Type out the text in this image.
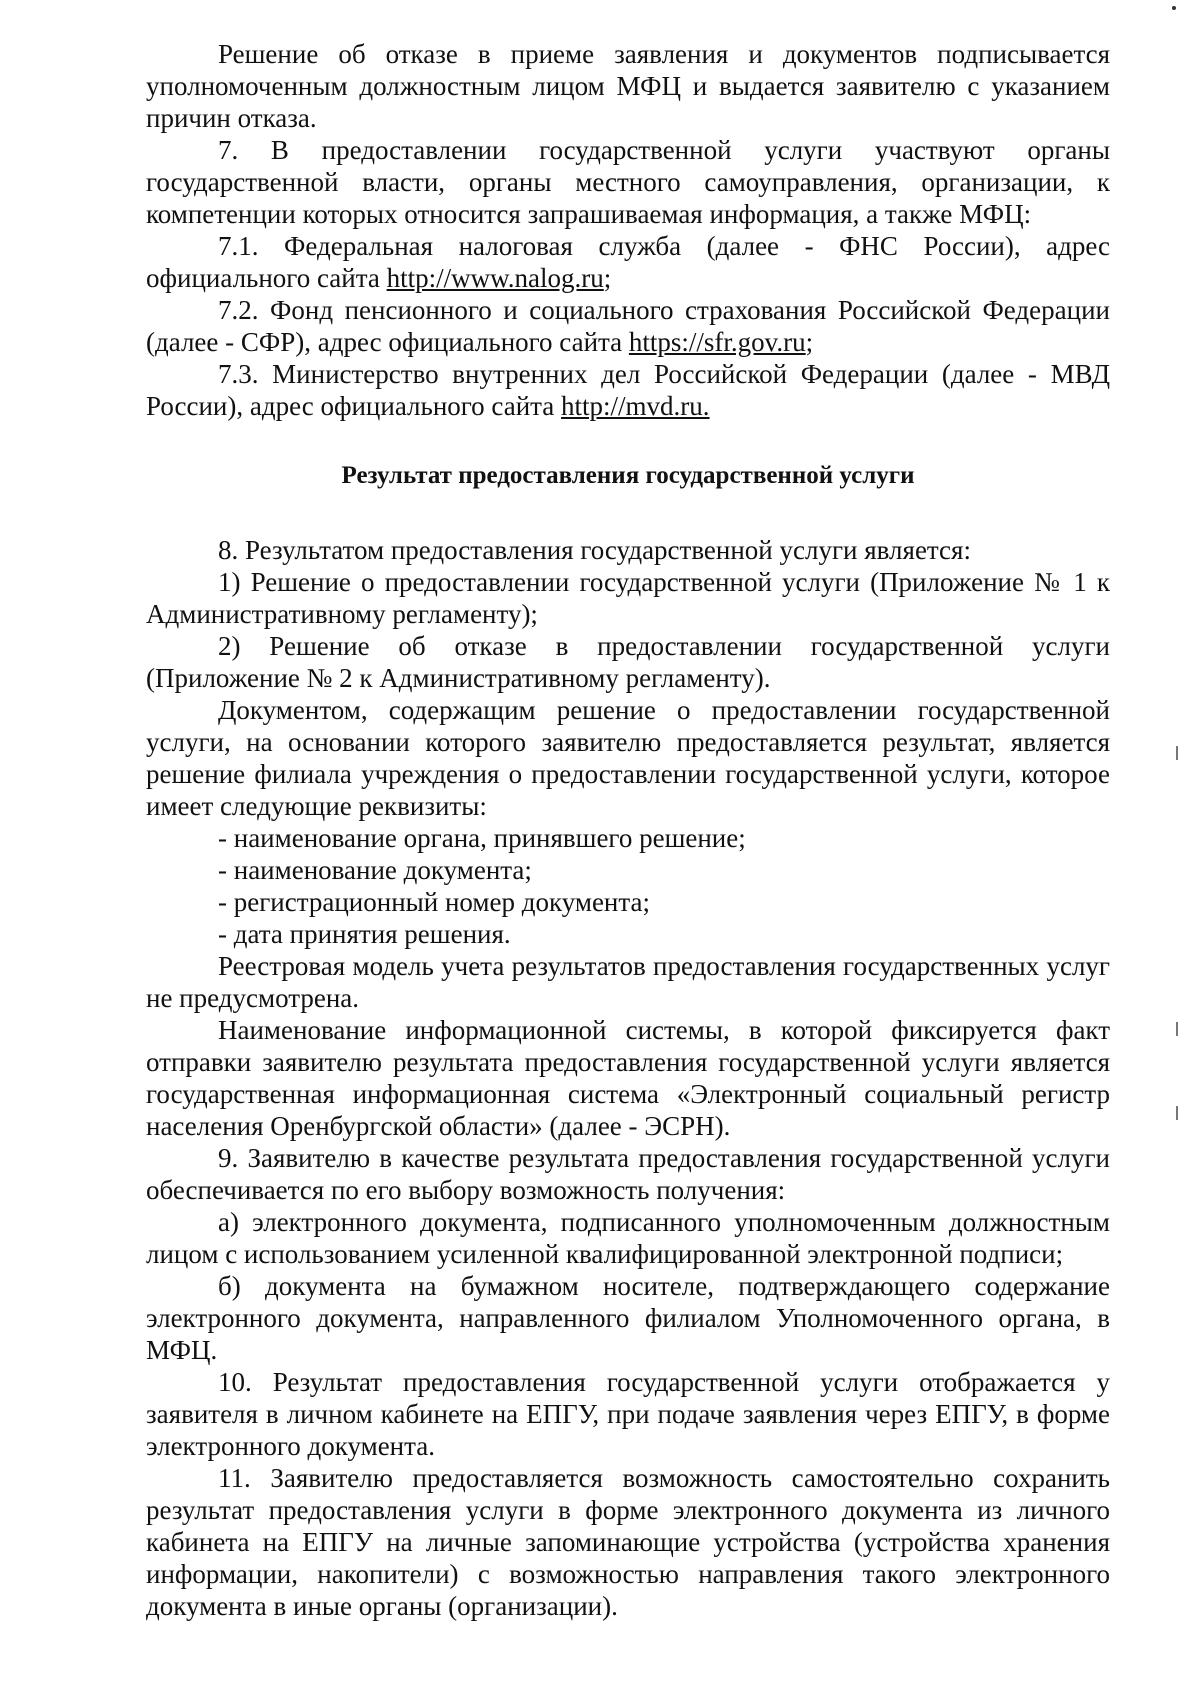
Решение об отказе в приеме заявления и документов подписывается уполномоченным должностным лицом МФЦ и выдается заявителю с указанием причин отказа.

7. В предоставлении государственной услуги участвуют органы государственной власти, органы местного самоуправления, организации, к компетенции которых относится запрашиваемая информация, а также МФЦ:

7.1. Федеральная налоговая служба (далее - ФНС России), адрес официального сайта http://www.nalog.ru;

7.2. Фонд пенсионного и социального страхования Российской Федерации (далее - СФР), адрес официального сайта https://sfr.gov.ru;

7.3. Министерство внутренних дел Российской Федерации (далее - МВД России), адрес официального сайта http://mvd.ru.

Результат предоставления государственной услуги

8. Результатом предоставления государственной услуги является:

1) Решение о предоставлении государственной услуги (Приложение № 1 к Административному регламенту);

2) Решение об отказе в предоставлении государственной услуги (Приложение № 2 к Административному регламенту).

Документом, содержащим решение о предоставлении государственной услуги, на основании которого заявителю предоставляется результат, является решение филиала учреждения о предоставлении государственной услуги, которое имеет следующие реквизиты:

- наименование органа, принявшего решение;

- наименование документа;

- регистрационный номер документа;

- дата принятия решения.

Реестровая модель учета результатов предоставления государственных услуг не предусмотрена.

Наименование информационной системы, в которой фиксируется факт отправки заявителю результата предоставления государственной услуги является государственная информационная система «Электронный социальный регистр населения Оренбургской области» (далее - ЭСРН).

9. Заявителю в качестве результата предоставления государственной услуги обеспечивается по его выбору возможность получения:

а) электронного документа, подписанного уполномоченным должностным лицом с использованием усиленной квалифицированной электронной подписи;

б) документа на бумажном носителе, подтверждающего содержание электронного документа, направленного филиалом Уполномоченного органа, в МФЦ.

10. Результат предоставления государственной услуги отображается у заявителя в личном кабинете на ЕПГУ, при подаче заявления через ЕПГУ, в форме электронного документа.

11. Заявителю предоставляется возможность самостоятельно сохранить результат предоставления услуги в форме электронного документа из личного кабинета на ЕПГУ на личные запоминающие устройства (устройства хранения информации, накопители) с возможностью направления такого электронного документа в иные органы (организации).
